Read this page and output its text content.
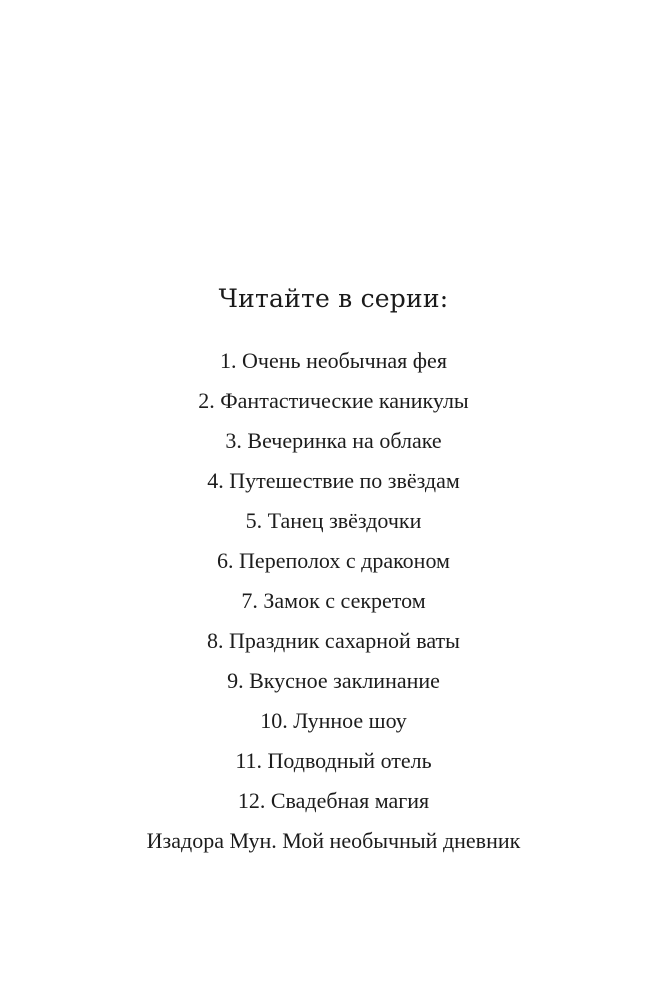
Читайте в серии:
1. Очень необычная фея
2. Фантастические каникулы
3. Вечеринка на облаке
4. Путешествие по звёздам
5. Танец звёздочки
6. Переполох с драконом
7. Замок с секретом
8. Праздник сахарной ваты
9. Вкусное заклинание
10. Лунное шоу
11. Подводный отель
12. Свадебная магия
Изадора Мун. Мой необычный дневник
